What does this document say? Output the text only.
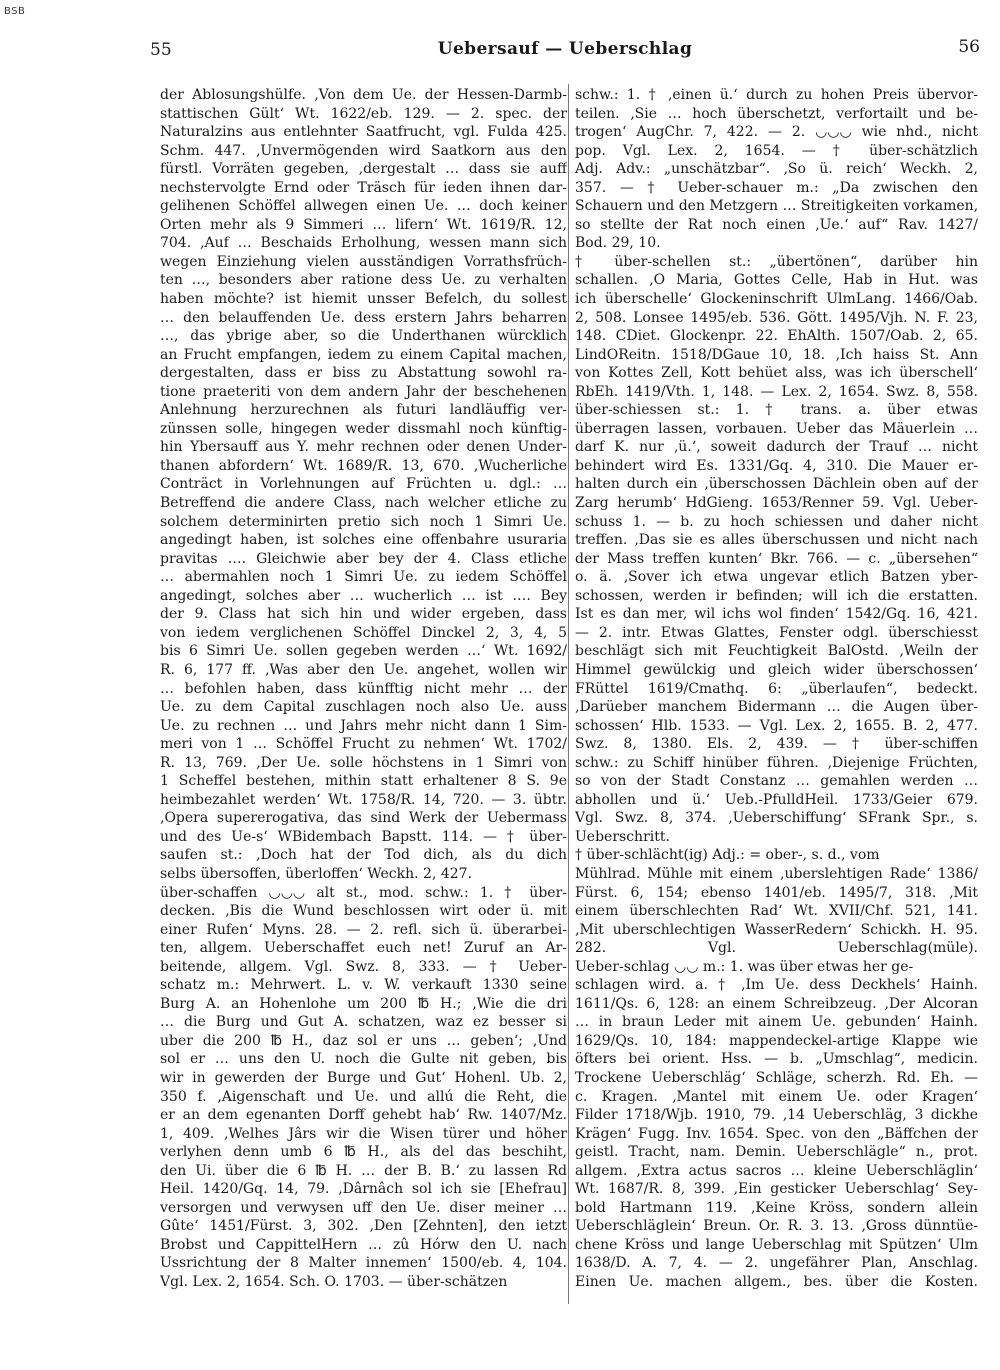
BSB
55	Uebersauf — Ueberschlag	56
der Ablosungshülfe. ‚Von dem Ue. der Hessen-Darmb-
stattischen Gült‘ Wt. 1622/eb. 129. — 2. spec. der
Naturalzins aus entlehnter Saatfrucht, vgl. Fulda 425.
Schm. 447. ‚Unvermögenden wird Saatkorn aus den
fürstl. Vorräten gegeben, ‚dergestalt … dass sie auff
nechstervolgte Ernd oder Träsch für ieden ihnen dar-
gelihenen Schöffel allwegen einen Ue. … doch keiner
Orten mehr als 9 Simmeri … lifern‘ Wt. 1619/R. 12,
704. ‚Auf … Beschaids Erholhung, wessen mann sich
wegen Einziehung vielen ausständigen Vorrathsfrüch-
ten …, besonders aber ratione dess Ue. zu verhalten
haben möchte? ist hiemit unsser Befelch, du sollest
… den belauffenden Ue. dess erstern Jahrs beharren
…, das ybrige aber, so die Underthanen würcklich
an Frucht empfangen, iedem zu einem Capital machen,
dergestalten, dass er biss zu Abstattung sowohl ra-
tione praeteriti von dem andern Jahr der beschehenen
Anlehnung herzurechnen als futuri landläuffig ver-
zünssen solle, hingegen weder dissmahl noch künftig-
hin Ybersauff aus Y. mehr rechnen oder denen Under-
thanen abfordern‘ Wt. 1689/R. 13, 670. ‚Wucherliche
Conträct in Vorlehnungen auf Früchten u. dgl.: …
Betreffend die andere Class, nach welcher etliche zu
solchem determinirten pretio sich noch 1 Simri Ue.
angedingt haben, ist solches eine offenbahre usuraria
pravitas …. Gleichwie aber bey der 4. Class etliche
… abermahlen noch 1 Simri Ue. zu iedem Schöffel
angedingt, solches aber … wucherlich … ist …. Bey
der 9. Class hat sich hin und wider ergeben, dass
von iedem verglichenen Schöffel Dinckel 2, 3, 4, 5
bis 6 Simri Ue. sollen gegeben werden …‘ Wt. 1692/
R. 6, 177 ff. ‚Was aber den Ue. angehet, wollen wir
… befohlen haben, dass künfftig nicht mehr … der
Ue. zu dem Capital zuschlagen noch also Ue. auss
Ue. zu rechnen … und Jahrs mehr nicht dann 1 Sim-
meri von 1 … Schöffel Frucht zu nehmen‘ Wt. 1702/
R. 13, 769. ‚Der Ue. solle höchstens in 1 Simri von
1 Scheffel bestehen, mithin statt erhaltener 8 S. 9e
heimbezahlet werden‘ Wt. 1758/R. 14, 720. — 3. übtr.
‚Opera supererogativa, das sind Werk der Uebermass
und des Ue-s‘ WBidembach Bapstt. 114. — † über-
saufen st.: ‚Doch hat der Tod dich, als du dich
selbs übersoffen, überloffen‘ Weckh. 2, 427.
über-schaffen ◡◡◡ alt st., mod. schw.: 1. † über-
decken. ‚Bis die Wund beschlossen wirt oder ü. mit
einer Rufen‘ Myns. 28. — 2. refl. sich ü. überarbei-
ten, allgem. Ueberschaffet euch net! Zuruf an Ar-
beitende, allgem. Vgl. Swz. 8, 333. — † Ueber-
schatz m.: Mehrwert. L. v. W. verkauft 1330 seine
Burg A. an Hohenlohe um 200 ℔ H.; ‚Wie die dri
… die Burg und Gut A. schatzen, waz ez besser si
uber die 200 ℔ H., daz sol er uns … geben‘; ‚Und
sol er … uns den U. noch die Gulte nit geben, bis
wir in gewerden der Burge und Gut‘ Hohenl. Ub. 2,
350 f. ‚Aigenschaft und Ue. und allú die Reht, die
er an dem egenanten Dorff gehebt hab‘ Rw. 1407/Mz.
1, 409. ‚Welhes Jârs wir die Wisen türer und höher
verlyhen denn umb 6 ℔ H., als del das beschiht,
den Ui. über die 6 ℔ H. … der B. B.‘ zu lassen Rd
Heil. 1420/Gq. 14, 79. ‚Dârnâch sol ich sie [Ehefrau]
versorgen und verwysen uff den Ue. diser meiner …
Gûte‘ 1451/Fürst. 3, 302. ‚Den [Zehnten], den ietzt
Brobst und CappittelHern … zû Hórw den U. nach
Ussrichtung der 8 Malter innemen‘ 1500/eb. 4, 104.
Vgl. Lex. 2, 1654. Sch. O. 1703. — über-schätzen
schw.: 1. † ‚einen ü.‘ durch zu hohen Preis übervor-
teilen. ‚Sie … hoch überschetzt, verfortailt und be-
trogen‘ AugChr. 7, 422. — 2. ◡◡◡ wie nhd., nicht
pop. Vgl. Lex. 2, 1654. — † über-schätzlich
Adj. Adv.: „unschätzbar“. ‚So ü. reich‘ Weckh. 2,
357. — † Ueber-schauer m.: „Da zwischen den
Schauern und den Metzgern … Streitigkeiten vorkamen,
so stellte der Rat noch einen ‚Ue.‘ auf“ Rav. 1427/
Bod. 29, 10.
† über-schellen st.: „übertönen“, darüber hin
schallen. ‚O Maria, Gottes Celle, Hab in Hut. was
ich überschelle‘ Glockeninschrift UlmLang. 1466/Oab.
2, 508. Lonsee 1495/eb. 536. Gött. 1495/Vjh. N. F. 23,
148. CDiet. Glockenpr. 22. EhAlth. 1507/Oab. 2, 65.
LindOReitn. 1518/DGaue 10, 18. ‚Ich haiss St. Ann
von Kottes Zell, Kott behüet alss, was ich überschell‘
RbEh. 1419/Vth. 1, 148. — Lex. 2, 1654. Swz. 8, 558.
über-schiessen st.: 1. † trans. a. über etwas
überragen lassen, vorbauen. Ueber das Mäuerlein …
darf K. nur ‚ü.‘, soweit dadurch der Trauf … nicht
behindert wird Es. 1331/Gq. 4, 310. Die Mauer er-
halten durch ein ‚überschossen Dächlein oben auf der
Zarg herumb‘ HdGieng. 1653/Renner 59. Vgl. Ueber-
schuss 1. — b. zu hoch schiessen und daher nicht
treffen. ‚Das sie es alles überschussen und nicht nach
der Mass treffen kunten‘ Bkr. 766. — c. „übersehen“
o. ä. ‚Sover ich etwa ungevar etlich Batzen yber-
schossen, werden ir befinden; will ich die erstatten.
Ist es dan mer, wil ichs wol finden‘ 1542/Gq. 16, 421.
— 2. intr. Etwas Glattes, Fenster odgl. überschiesst
beschlägt sich mit Feuchtigkeit BalOstd. ‚Weiln der
Himmel gewülckig und gleich wider überschossen‘
FRüttel 1619/Cmathq. 6: „überlaufen“, bedeckt.
‚Darüeber manchem Bidermann … die Augen über-
schossen‘ Hlb. 1533. — Vgl. Lex. 2, 1655. B. 2, 477.
Swz. 8, 1380. Els. 2, 439. — † über-schiffen
schw.: zu Schiff hinüber führen. ‚Diejenige Früchten,
so von der Stadt Constanz … gemahlen werden …
abhollen und ü.‘ Ueb.-PfulldHeil. 1733/Geier 679.
Vgl. Swz. 8, 374. ‚Ueberschiffung‘ SFrank Spr., s.
Ueberschritt.
† über-schlächt(ig) Adj.: = ober-, s. d., vom
Mühlrad. Mühle mit einem ‚uberslehtigen Rade‘ 1386/
Fürst. 6, 154; ebenso 1401/eb. 1495/7, 318. ‚Mit
einem überschlechten Rad‘ Wt. XVII/Chf. 521, 141.
‚Mit uberschlechtigen WasserRedern‘ Schickh. H. 95.
282. Vgl. Ueberschlag(müle).
Ueber-schlag ◡◡ m.: 1. was über etwas her ge-
schlagen wird. a. † ‚Im Ue. dess Deckhels‘ Hainh.
1611/Qs. 6, 128: an einem Schreibzeug. ‚Der Alcoran
… in braun Leder mit ainem Ue. gebunden‘ Hainh.
1629/Qs. 10, 184: mappendeckel-artige Klappe wie
öfters bei orient. Hss. — b. „Umschlag“, medicin.
Trockene Ueberschläg‘ Schläge, scherzh. Rd. Eh. —
c. Kragen. ‚Mantel mit einem Ue. oder Kragen‘
Filder 1718/Wjb. 1910, 79. ‚14 Ueberschläg, 3 dickhe
Krägen‘ Fugg. Inv. 1654. Spec. von den „Bäffchen der
geistl. Tracht, nam. Demin. Ueberschlägle“ n., prot.
allgem. ‚Extra actus sacros … kleine Ueberschläglin‘
Wt. 1687/R. 8, 399. ‚Ein gesticker Ueberschlag‘ Sey-
bold Hartmann 119. ‚Keine Kröss, sondern allein
Ueberschläglein‘ Breun. Or. R. 3. 13. ‚Gross dünntüe-
chene Kröss und lange Ueberschlag mit Spützen‘ Ulm
1638/D. A. 7, 4. — 2. ungefährer Plan, Anschlag.
Einen Ue. machen allgem., bes. über die Kosten.
